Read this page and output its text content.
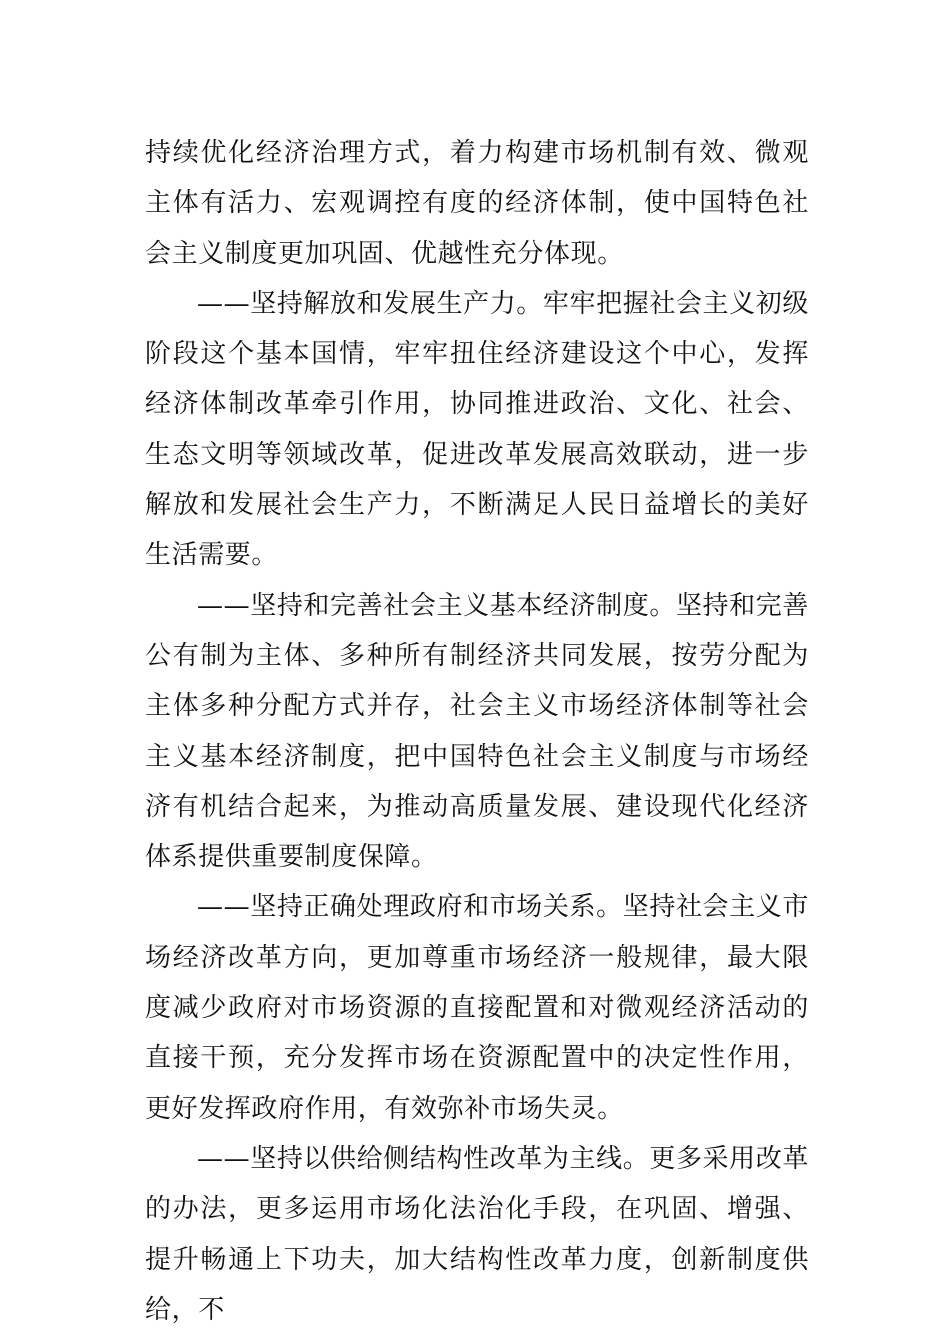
持续优化经济治理方式，着力构建市场机制有效、微观主体有活力、宏观调控有度的经济体制，使中国特色社会主义制度更加巩固、优越性充分体现。

——坚持解放和发展生产力。牢牢把握社会主义初级阶段这个基本国情，牢牢扭住经济建设这个中心，发挥经济体制改革牵引作用，协同推进政治、文化、社会、生态文明等领域改革，促进改革发展高效联动，进一步解放和发展社会生产力，不断满足人民日益增长的美好生活需要。

——坚持和完善社会主义基本经济制度。坚持和完善公有制为主体、多种所有制经济共同发展，按劳分配为主体多种分配方式并存，社会主义市场经济体制等社会主义基本经济制度，把中国特色社会主义制度与市场经济有机结合起来，为推动高质量发展、建设现代化经济体系提供重要制度保障。

——坚持正确处理政府和市场关系。坚持社会主义市场经济改革方向，更加尊重市场经济一般规律，最大限度减少政府对市场资源的直接配置和对微观经济活动的直接干预，充分发挥市场在资源配置中的决定性作用，更好发挥政府作用，有效弥补市场失灵。

——坚持以供给侧结构性改革为主线。更多采用改革的办法，更多运用市场化法治化手段，在巩固、增强、提升畅通上下功夫，加大结构性改革力度，创新制度供给，不
